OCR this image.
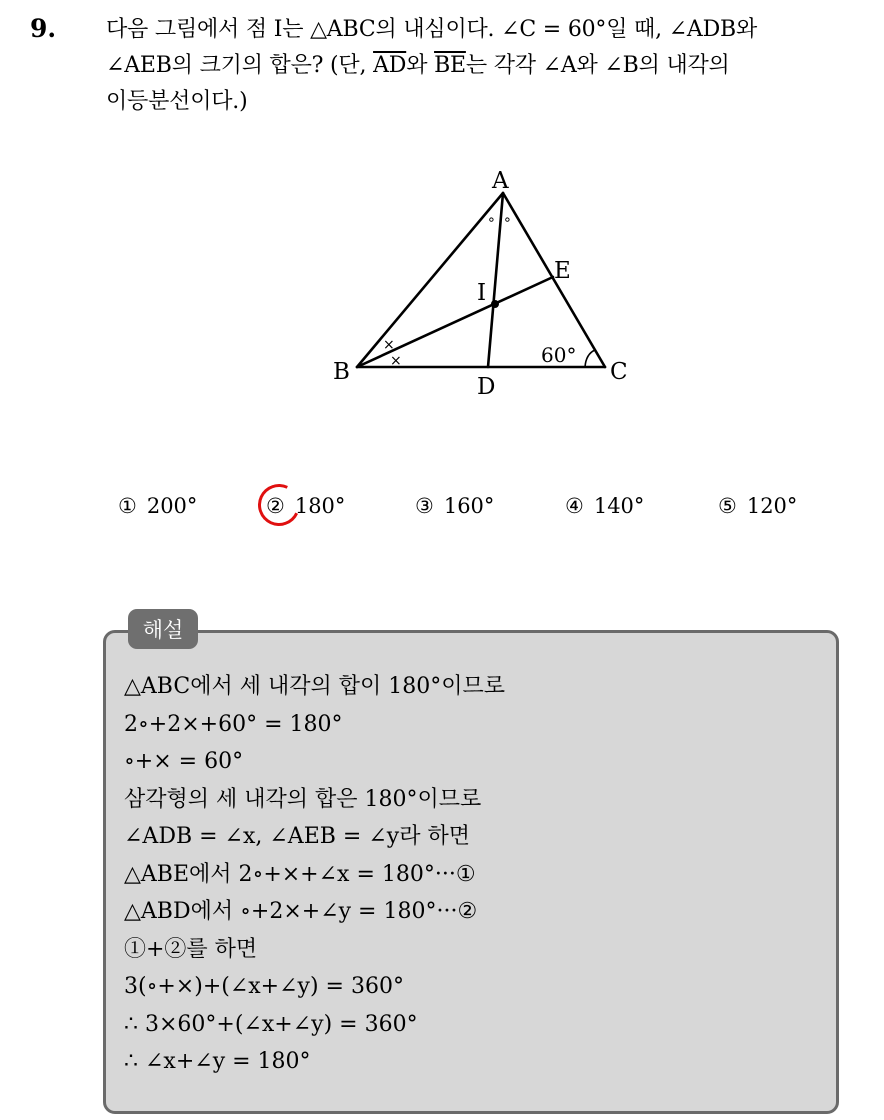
9. 다음 그림에서 점 I는 △ABC의 내심이다. ∠C = 60°일 때, ∠ADB와
∠AEB의 크기의 합은? (단, $\overline{AD}$와 $\overline{BE}$는 각각 ∠A와 ∠B의 내각의
이등분선이다.)
A
B	C
D
E
I
60°
∘ ∘
×
×
① 200°	② 180°	③ 160°	④ 140°	⑤ 120°
해설
△ABC에서 세 내각의 합이 180°이므로
2∘+2×+60° = 180°
∘+× = 60°
삼각형의 세 내각의 합은 180°이므로
∠ADB = ∠x, ∠AEB = ∠y라 하면
△ABE에서 2∘+×+∠x = 180°···①
△ABD에서 ∘+2×+∠y = 180°···②
①+②를 하면
3(∘+×)+(∠x+∠y) = 360°
∴ 3×60°+(∠x+∠y) = 360°
∴ ∠x+∠y = 180°
